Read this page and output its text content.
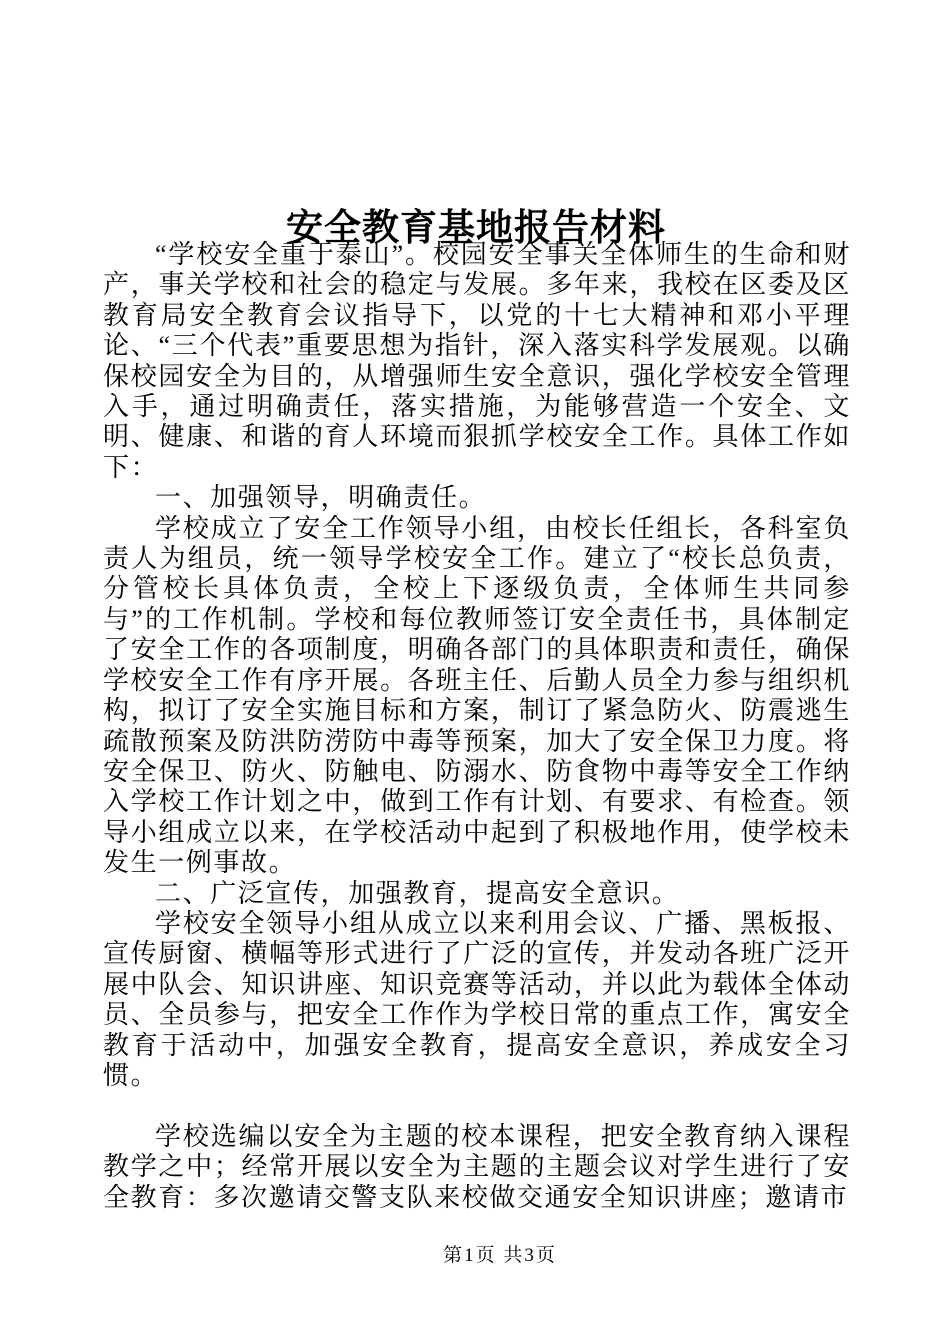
安全教育基地报告材料

“学校安全重于泰山”。校园安全事关全体师生的生命和财产，事关学校和社会的稳定与发展。多年来，我校在区委及区教育局安全教育会议指导下，以党的十七大精神和邓小平理论、“三个代表”重要思想为指针，深入落实科学发展观。以确保校园安全为目的，从增强师生安全意识，强化学校安全管理入手，通过明确责任，落实措施，为能够营造一个安全、文明、健康、和谐的育人环境而狠抓学校安全工作。具体工作如下：

一、加强领导，明确责任。

学校成立了安全工作领导小组，由校长任组长，各科室负责人为组员，统一领导学校安全工作。建立了“校长总负责，分管校长具体负责，全校上下逐级负责，全体师生共同参与”的工作机制。学校和每位教师签订安全责任书，具体制定了安全工作的各项制度，明确各部门的具体职责和责任，确保学校安全工作有序开展。各班主任、后勤人员全力参与组织机构，拟订了安全实施目标和方案，制订了紧急防火、防震逃生疏散预案及防洪防涝防中毒等预案，加大了安全保卫力度。将安全保卫、防火、防触电、防溺水、防食物中毒等安全工作纳入学校工作计划之中，做到工作有计划、有要求、有检查。领导小组成立以来，在学校活动中起到了积极地作用，使学校未发生一例事故。

二、广泛宣传，加强教育，提高安全意识。

学校安全领导小组从成立以来利用会议、广播、黑板报、宣传厨窗、横幅等形式进行了广泛的宣传，并发动各班广泛开展中队会、知识讲座、知识竞赛等活动，并以此为载体全体动员、全员参与，把安全工作作为学校日常的重点工作，寓安全教育于活动中，加强安全教育，提高安全意识，养成安全习惯。

学校选编以安全为主题的校本课程，把安全教育纳入课程教学之中；经常开展以安全为主题的主题会议对学生进行了安全教育：多次邀请交警支队来校做交通安全知识讲座；邀请市

第1页 共3页
